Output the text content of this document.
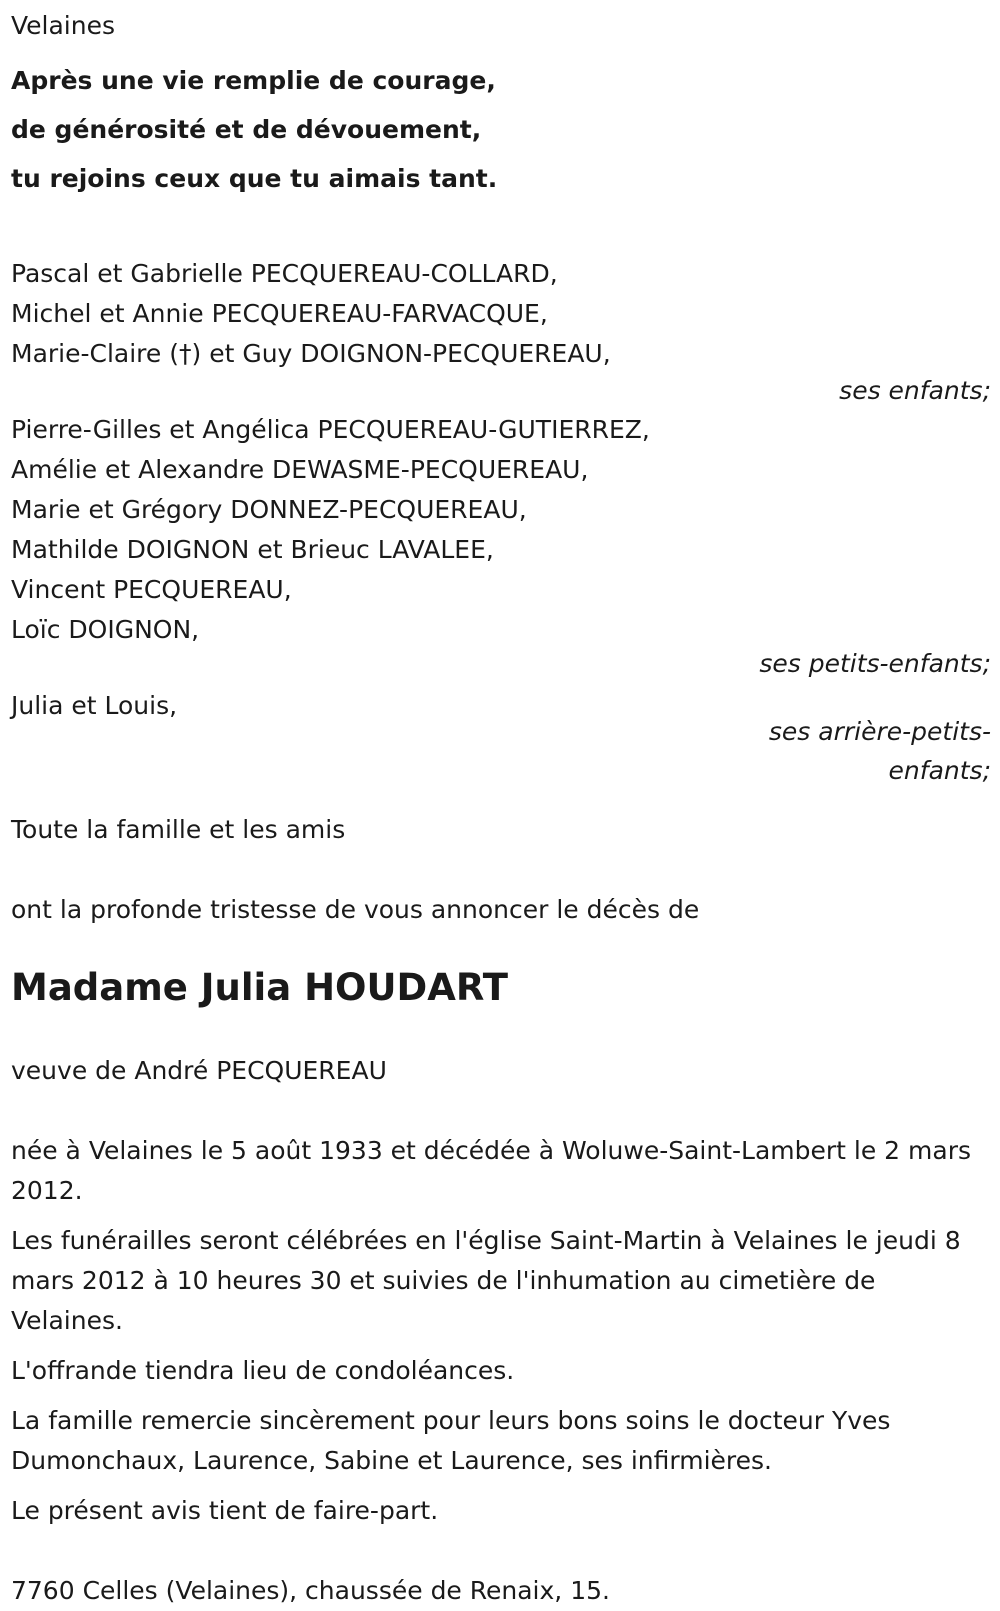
Velaines
Après une vie remplie de courage,
de générosité et de dévouement,
tu rejoins ceux que tu aimais tant.
Pascal et Gabrielle PECQUEREAU-COLLARD,
Michel et Annie PECQUEREAU-FARVACQUE,
Marie-Claire (†) et Guy DOIGNON-PECQUEREAU,
ses enfants;
Pierre-Gilles et Angélica PECQUEREAU-GUTIERREZ,
Amélie et Alexandre DEWASME-PECQUEREAU,
Marie et Grégory DONNEZ-PECQUEREAU,
Mathilde DOIGNON et Brieuc LAVALEE,
Vincent PECQUEREAU,
Loïc DOIGNON,
ses petits-enfants;
Julia et Louis,
ses arrière-petits-enfants;
Toute la famille et les amis
ont la profonde tristesse de vous annoncer le décès de
Madame Julia HOUDART
veuve de André PECQUEREAU

née à Velaines le 5 août 1933 et décédée à Woluwe-Saint-Lambert le 2 mars 2012.

Les funérailles seront célébrées en l'église Saint-Martin à Velaines le jeudi 8 mars 2012 à 10 heures 30 et suivies de l'inhumation au cimetière de Velaines.

L'offrande tiendra lieu de condoléances.

La famille remercie sincèrement pour leurs bons soins le docteur Yves Dumonchaux, Laurence, Sabine et Laurence, ses infirmières.

Le présent avis tient de faire-part.

7760 Celles (Velaines), chaussée de Renaix, 15.
